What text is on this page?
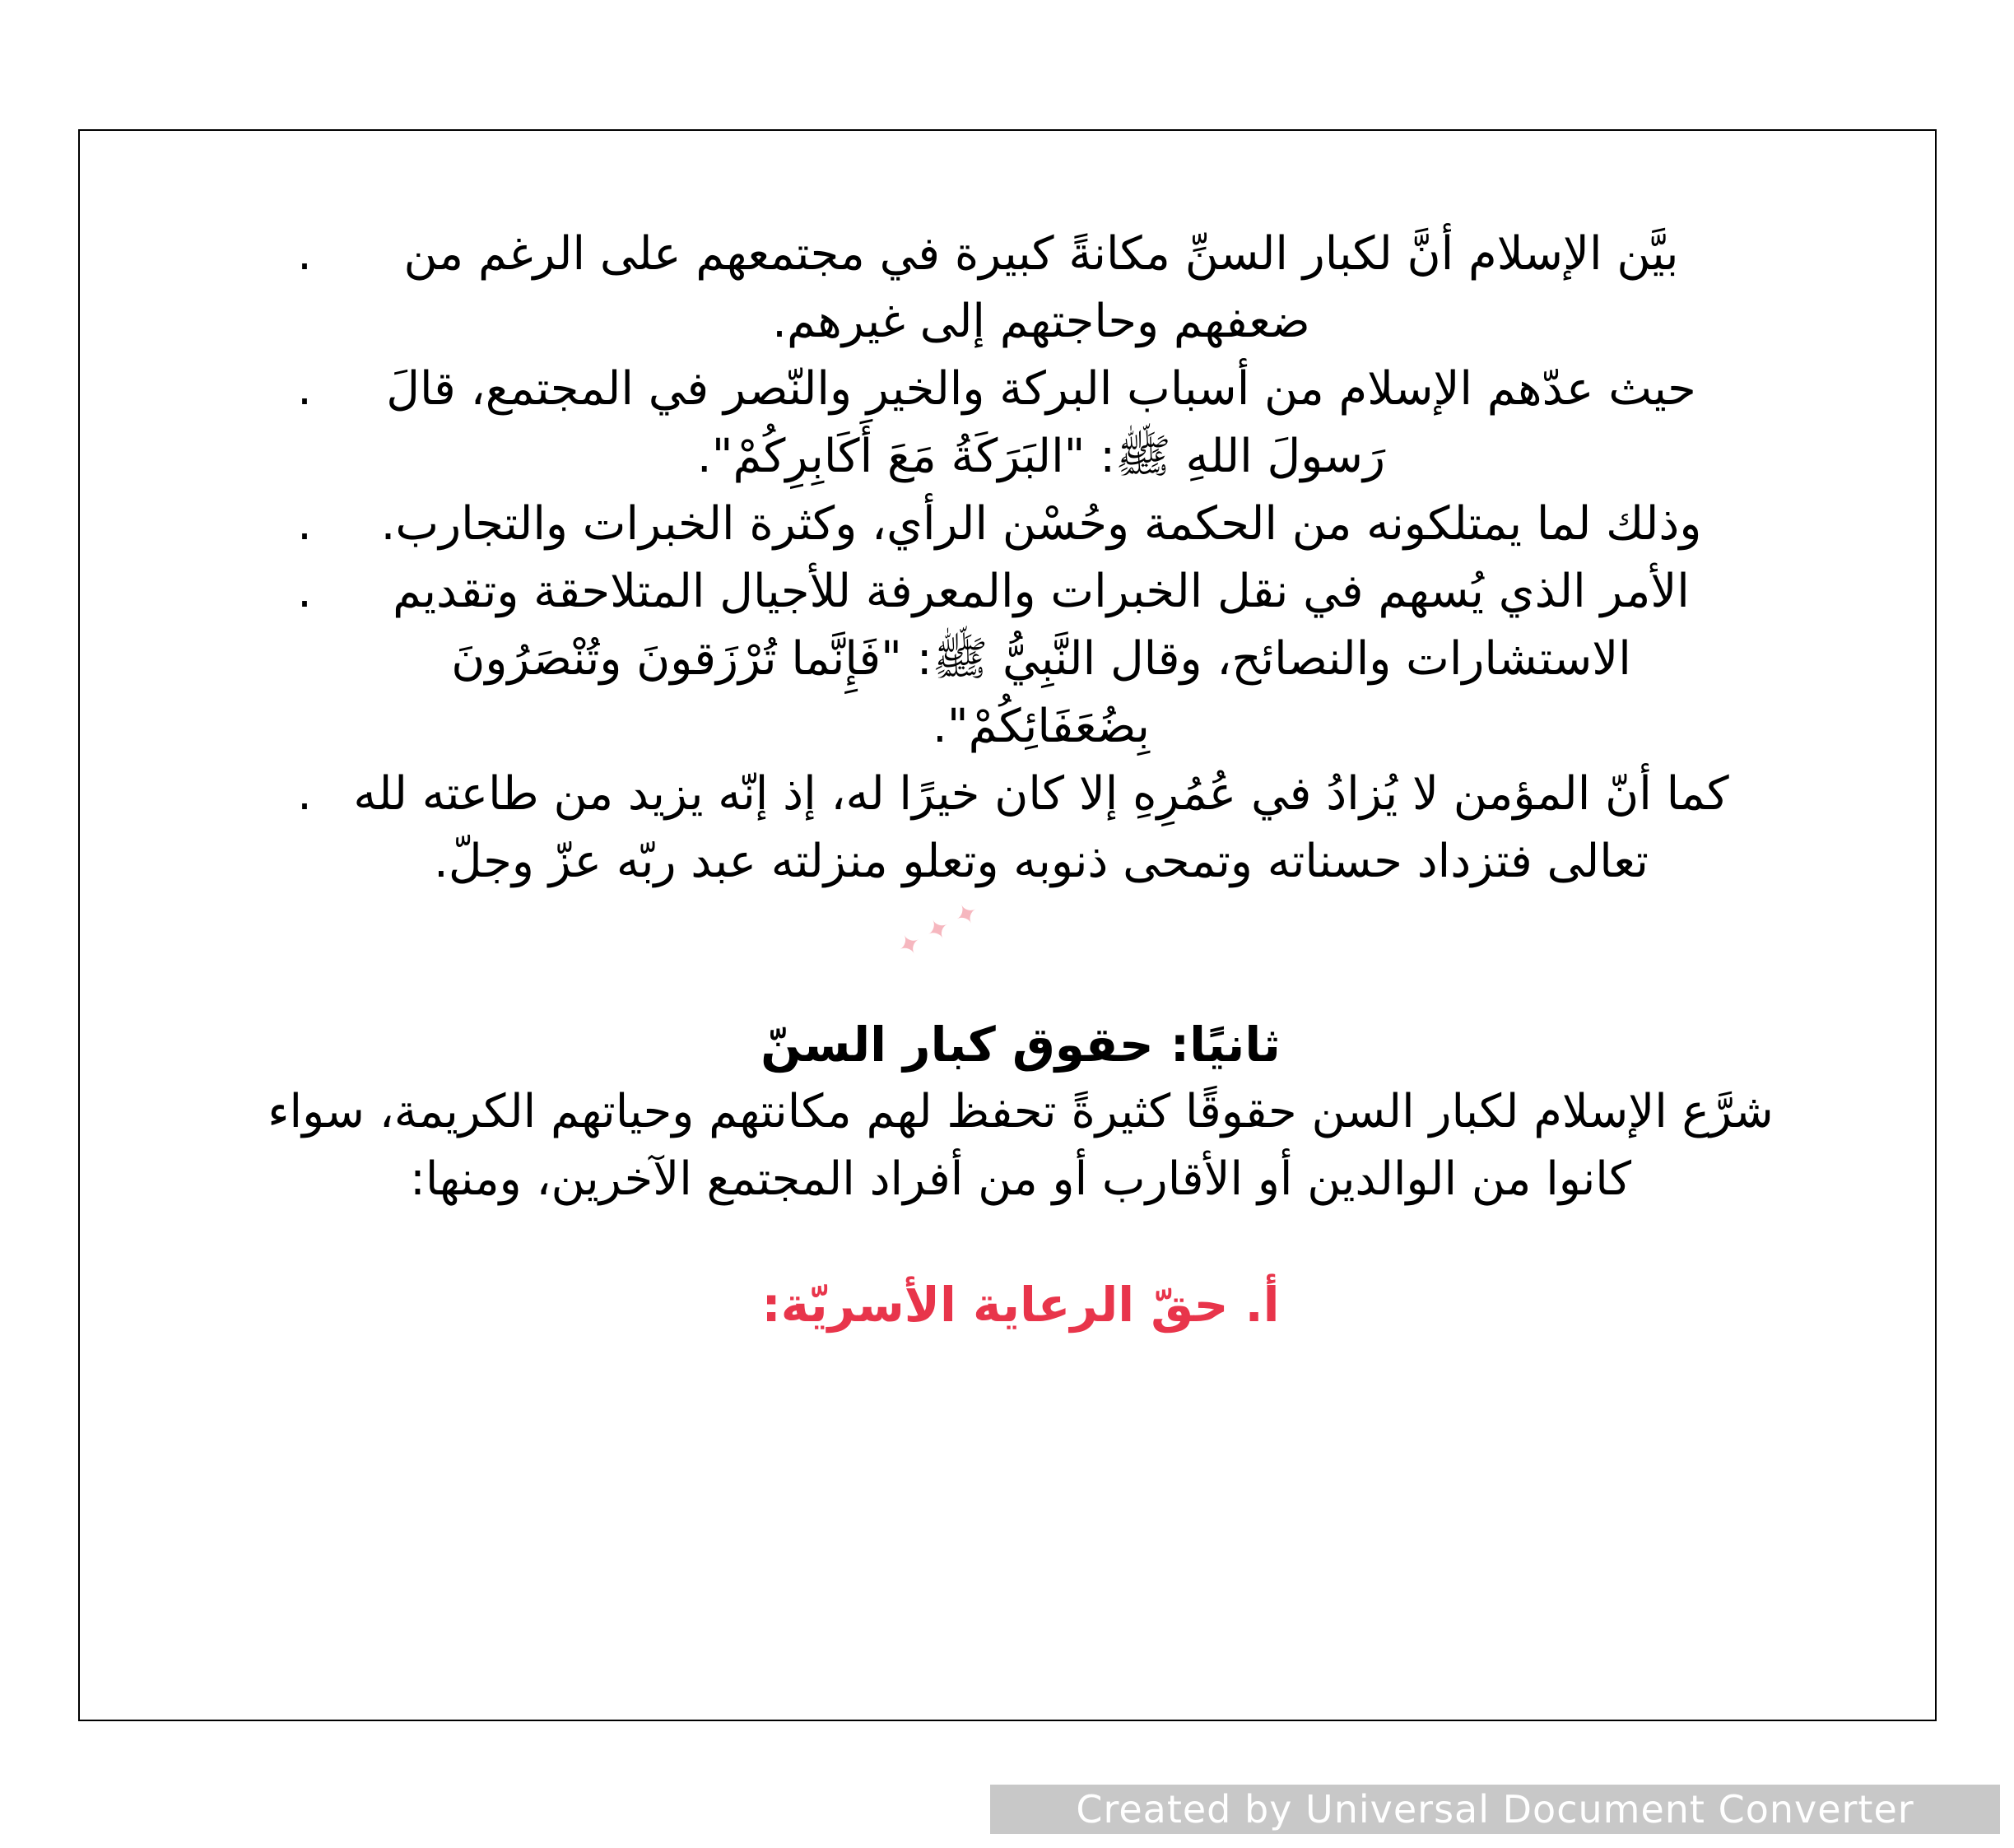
.	بيَّن الإسلام أنَّ لكبار السنِّ مكانةً كبيرة في مجتمعهم على الرغم من ضعفهم وحاجتهم إلى غيرهم.
.	حيث عدّهم الإسلام من أسباب البركة والخير والنّصر في المجتمع، قالَ رَسولَ اللهِ ﷺ: "البَرَكَةُ مَعَ أَكَابِرِكُمْ".
.	وذلك لما يمتلكونه من الحكمة وحُسْن الرأي، وكثرة الخبرات والتجارب.
.	الأمر الذي يُسهم في نقل الخبرات والمعرفة للأجيال المتلاحقة وتقديم الاستشارات والنصائح، وقال النَّبِيُّ ﷺ: "فَإِنَّما تُرْزَقونَ وتُنْصَرُونَ بِضُعَفَائِكُمْ".
. كما أنّ المؤمن لا يُزادُ في عُمُرِهِ إلا كان خيرًا له، إذ إنّه يزيد من طاعته لله تعالى فتزداد حسناته وتمحى ذنوبه وتعلو منزلته عبد ربّه عزّ وجلّ.
ثانيًا: حقوق كبار السنّ
شرَّع الإسلام لكبار السن حقوقًا كثيرةً تحفظ لهم مكانتهم وحياتهم الكريمة، سواء كانوا من الوالدين أو الأقارب أو من أفراد المجتمع الآخرين، ومنها:
أ. حقّ الرعاية الأسريّة:
✦ ✦ ✦
Created by Universal Document Converter
